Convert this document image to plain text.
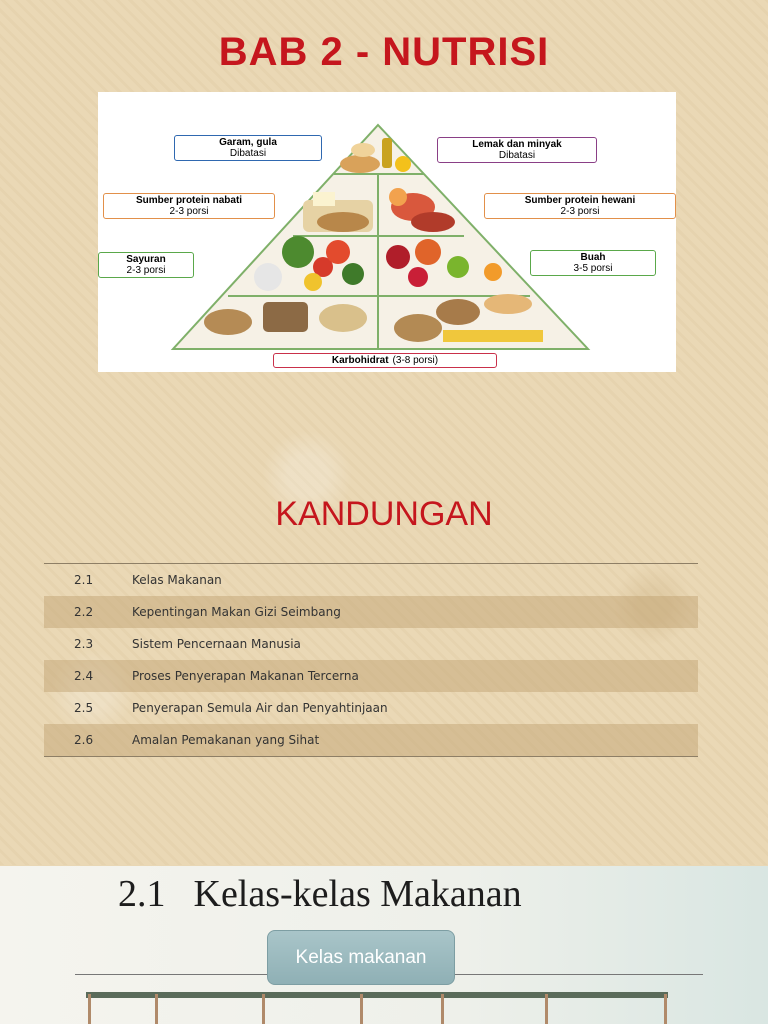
BAB 2 - NUTRISI
Garam, gula
Dibatasi
Lemak dan minyak
Dibatasi
Sumber protein nabati
2-3 porsi
Sumber protein hewani
2-3 porsi
Sayuran
2-3 porsi
Buah
3-5 porsi
Karbohidrat (3-8 porsi)
KANDUNGAN
2.1	Kelas Makanan
2.2	Kepentingan Makan Gizi Seimbang
2.3	Sistem Pencernaan Manusia
2.4	Proses Penyerapan Makanan Tercerna
2.5	Penyerapan Semula Air dan Penyahtinjaan
2.6	Amalan Pemakanan yang Sihat
2.1 Kelas-kelas Makanan
Kelas makanan
